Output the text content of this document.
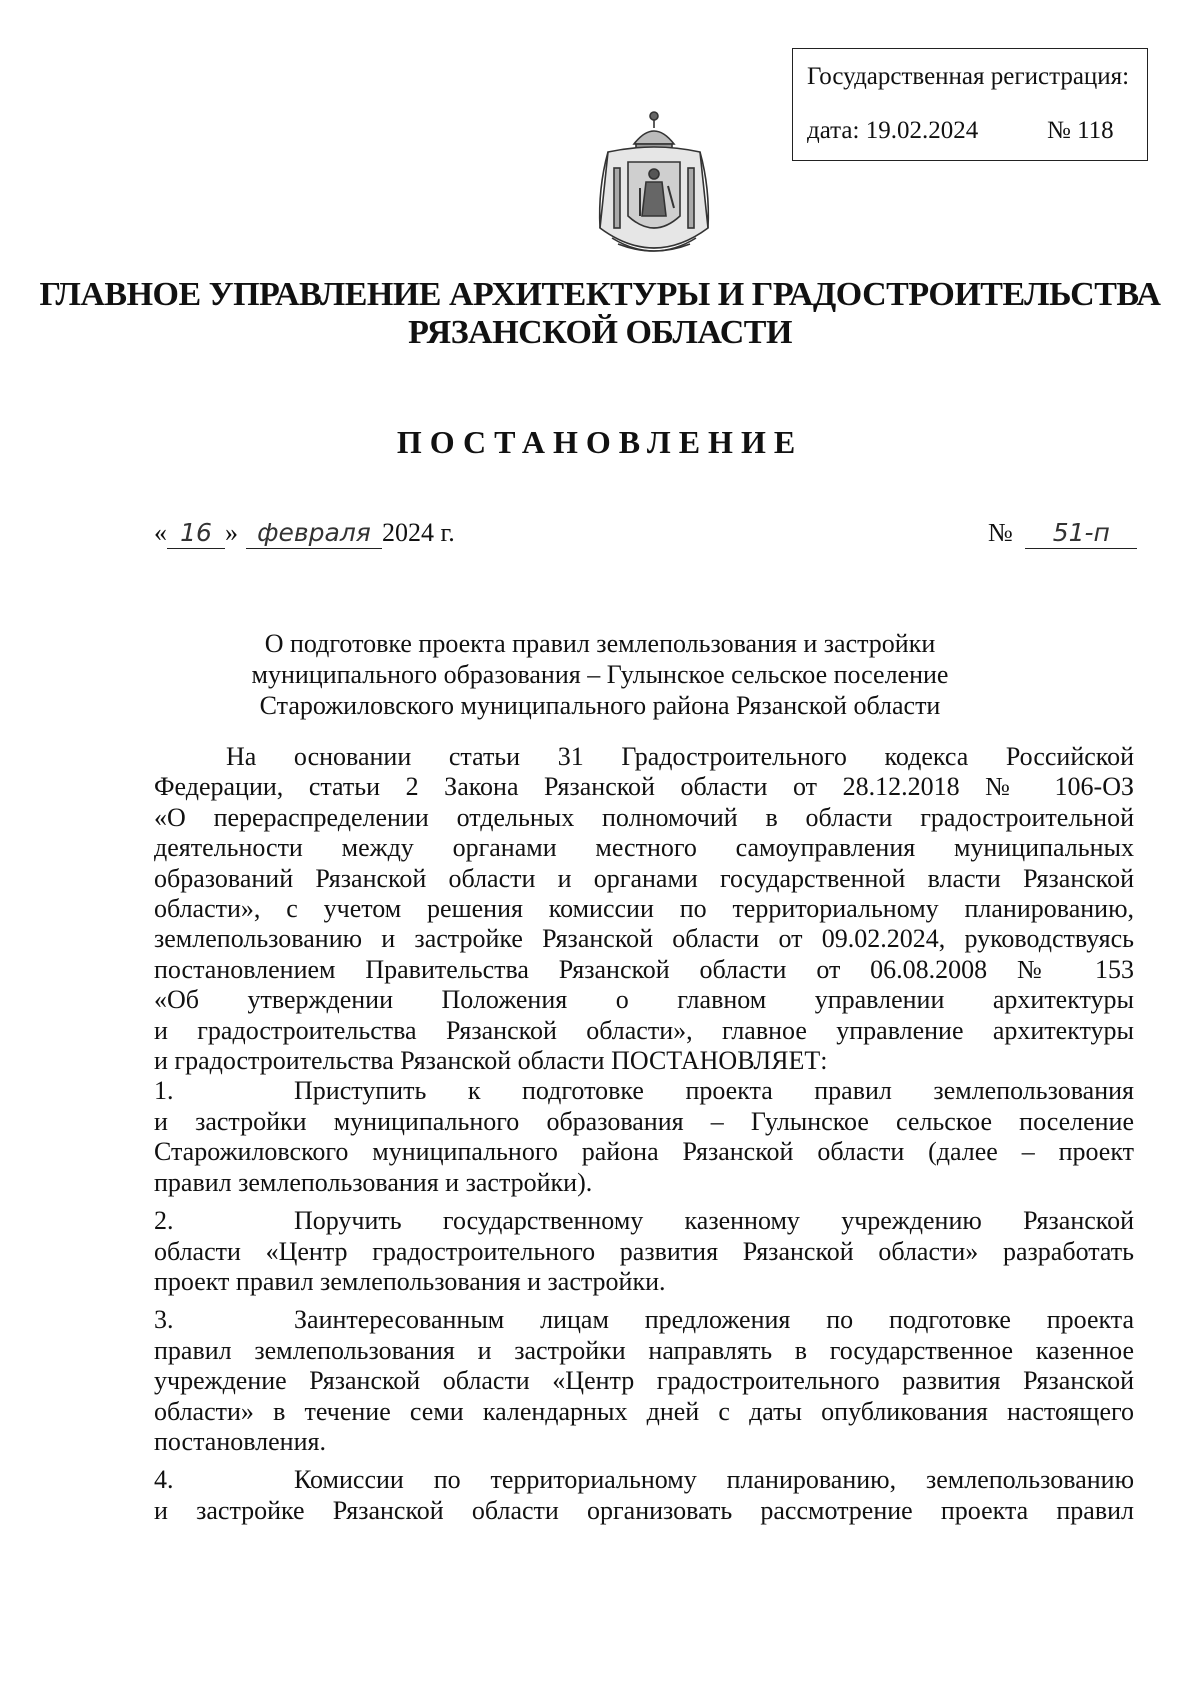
Государственная регистрация:
дата: 19.02.2024	№ 118
ГЛАВНОЕ УПРАВЛЕНИЕ АРХИТЕКТУРЫ И ГРАДОСТРОИТЕЛЬСТВА
РЯЗАНСКОЙ ОБЛАСТИ
ПОСТАНОВЛЕНИЕ
« 16 » февраля 2024 г.	№ 51-п
О подготовке проекта правил землепользования и застройки
муниципального образования – Гулынское сельское поселение
Старожиловского муниципального района Рязанской области

На основании статьи 31 Градостроительного кодекса Российской

Федерации, статьи 2 Закона Рязанской области от 28.12.2018 № 106-ОЗ

«О перераспределении отдельных полномочий в области градостроительной

деятельности между органами местного самоуправления муниципальных

образований Рязанской области и органами государственной власти Рязанской

области», с учетом решения комиссии по территориальному планированию,

землепользованию и застройке Рязанской области от 09.02.2024, руководствуясь

постановлением Правительства Рязанской области от 06.08.2008 № 153

«Об утверждении Положения о главном управлении архитектуры

и градостроительства Рязанской области», главное управление архитектуры

и градостроительства Рязанской области ПОСТАНОВЛЯЕТ:

1.	Приступить к подготовке проекта правил землепользования

и застройки муниципального образования – Гулынское сельское поселение

Старожиловского муниципального района Рязанской области (далее – проект

правил землепользования и застройки).

2.	Поручить государственному казенному учреждению Рязанской

области «Центр градостроительного развития Рязанской области» разработать

проект правил землепользования и застройки.

3.	Заинтересованным лицам предложения по подготовке проекта

правил землепользования и застройки направлять в государственное казенное

учреждение Рязанской области «Центр градостроительного развития Рязанской

области» в течение семи календарных дней с даты опубликования настоящего

постановления.

4.	Комиссии по территориальному планированию, землепользованию

и застройке Рязанской области организовать рассмотрение проекта правил
